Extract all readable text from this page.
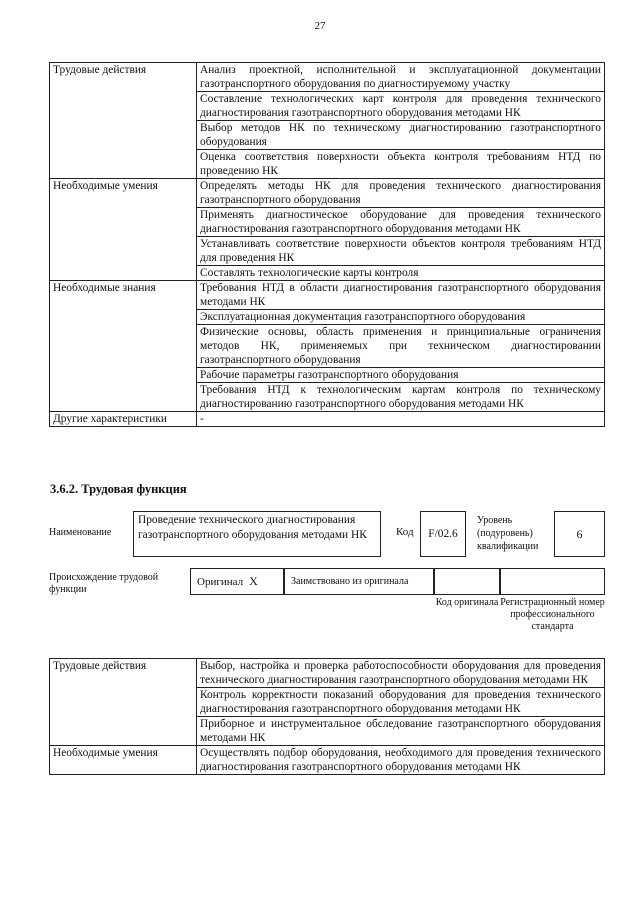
27
Трудовые действия	Анализ проектной, исполнительной и эксплуатационной документации газотранспортного оборудования по диагностируемому участку
	Составление технологических карт контроля для проведения технического диагностирования газотранспортного оборудования методами НК
	Выбор методов НК по техническому диагностированию газотранспортного оборудования
	Оценка соответствия поверхности объекта контроля требованиям НТД по проведению НК
Необходимые умения	Определять методы НК для проведения технического диагностирования газотранспортного оборудования
	Применять диагностическое оборудование для проведения технического диагностирования газотранспортного оборудования методами НК
	Устанавливать соответствие поверхности объектов контроля требованиям НТД для проведения НК
	Составлять технологические карты контроля
Необходимые знания	Требования НТД в области диагностирования газотранспортного оборудования методами НК
	Эксплуатационная документация газотранспортного оборудования
	Физические основы, область применения и принципиальные ограничения методов НК, применяемых при техническом диагностировании газотранспортного оборудования
	Рабочие параметры газотранспортного оборудования
	Требования НТД к технологическим картам контроля по техническому диагностированию газотранспортного оборудования методами НК
Другие характеристики	-
3.6.2. Трудовая функция
Наименование
Проведение технического диагностирования газотранспортного оборудования методами НК	Код	F/02.6
Уровень (подуровень) квалификации
6
Происхождение трудовой функции
Оригинал X	Заимствовано из оригинала
Код оригинала Регистрационный номер профессионального стандарта
Трудовые действия	Выбор, настройка и проверка работоспособности оборудования для проведения технического диагностирования газотранспортного оборудования методами НК
	Контроль корректности показаний оборудования для проведения технического диагностирования газотранспортного оборудования методами НК
	Приборное и инструментальное обследование газотранспортного оборудования методами НК
Необходимые умения	Осуществлять подбор оборудования, необходимого для проведения технического диагностирования газотранспортного оборудования методами НК
